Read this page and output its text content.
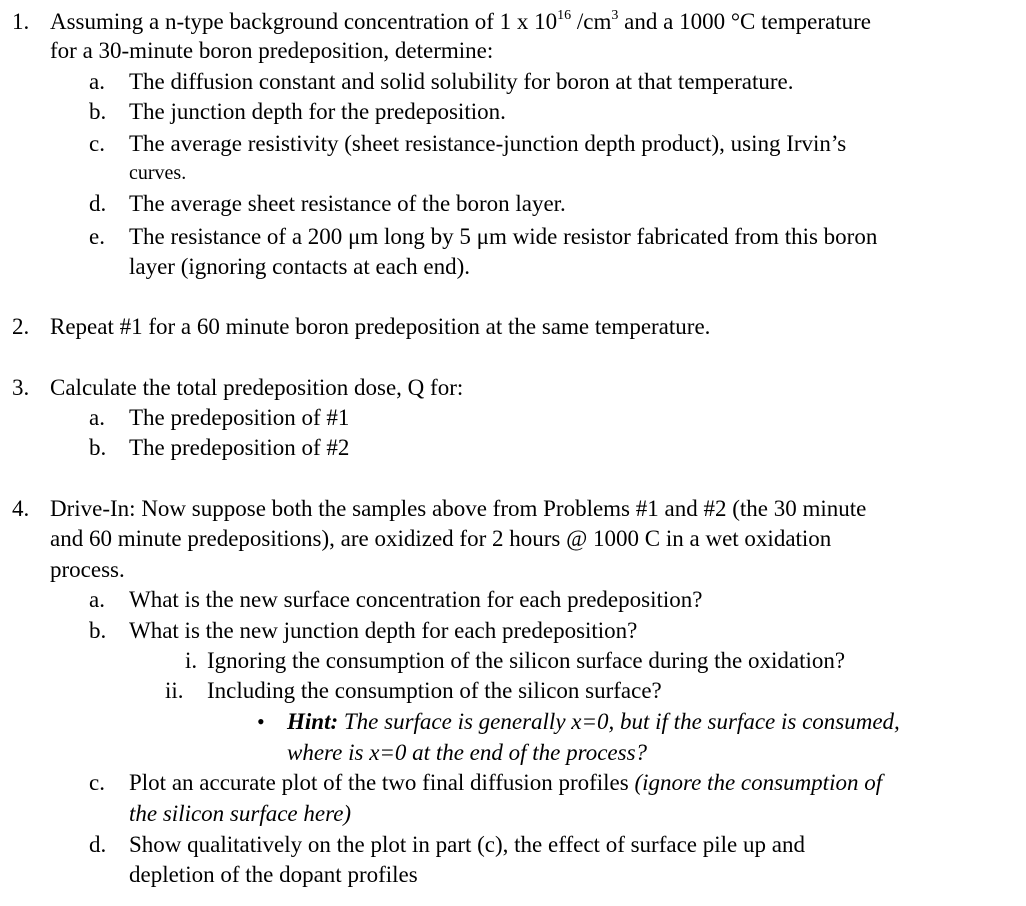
1. Assuming a n-type background concentration of 1 x $10^{16}$ $/cm^3$ and a 1000 °C temperature
for a 30-minute boron predeposition, determine:
a. The diffusion constant and solid solubility for boron at that temperature.
b. The junction depth for the predeposition.
c. The average resistivity (sheet resistance-junction depth product), using Irvin’s
curves.
d. The average sheet resistance of the boron layer.
e. The resistance of a 200 μm long by 5 μm wide resistor fabricated from this boron
layer (ignoring contacts at each end).
2. Repeat #1 for a 60 minute boron predeposition at the same temperature.
3. Calculate the total predeposition dose, Q for:
a. The predeposition of #1
b. The predeposition of #2
4. Drive-In: Now suppose both the samples above from Problems #1 and #2 (the 30 minute
and 60 minute predepositions), are oxidized for 2 hours @ 1000 C in a wet oxidation
process.
a. What is the new surface concentration for each predeposition?
b. What is the new junction depth for each predeposition?
i. Ignoring the consumption of the silicon surface during the oxidation?
ii. Including the consumption of the silicon surface?
• Hint: The surface is generally x=0, but if the surface is consumed,
where is x=0 at the end of the process?
c. Plot an accurate plot of the two final diffusion profiles (ignore the consumption of
the silicon surface here)
d. Show qualitatively on the plot in part (c), the effect of surface pile up and
depletion of the dopant profiles
